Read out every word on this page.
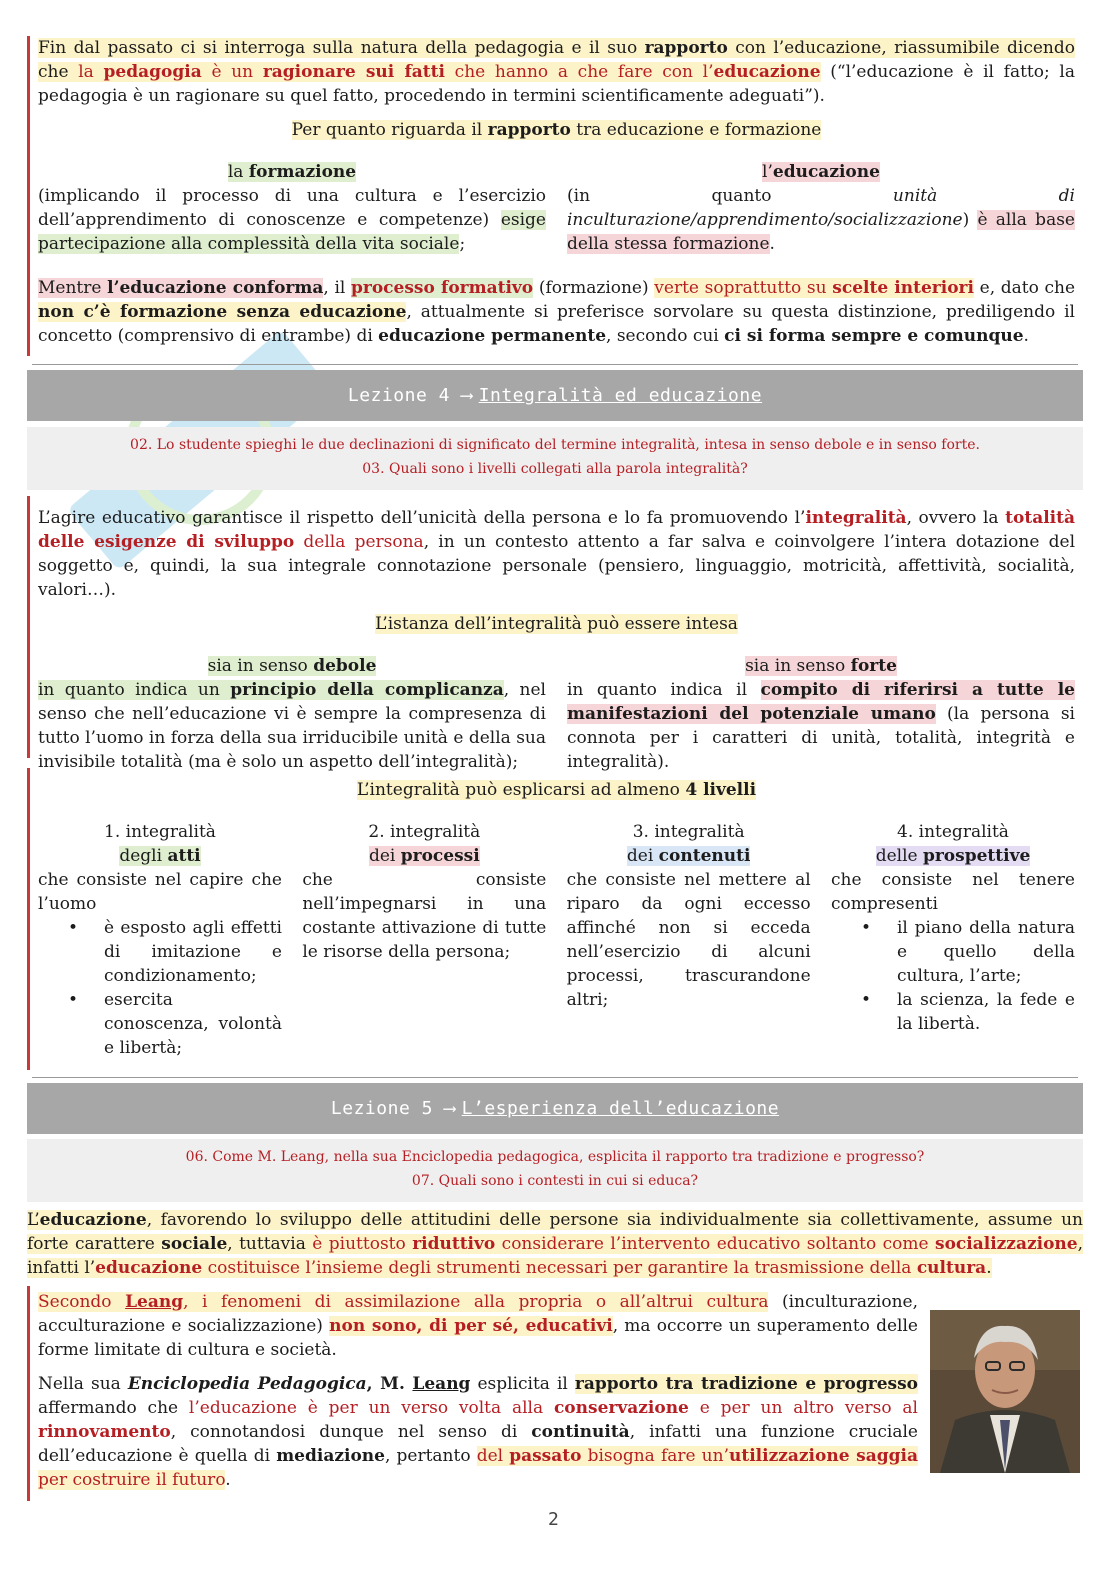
Fin dal passato ci si interroga sulla natura della pedagogia e il suo rapporto con l’educazione, riassumibile dicendo che la pedagogia è un ragionare sui fatti che hanno a che fare con l’educazione (“l’educazione è il fatto; la pedagogia è un ragionare su quel fatto, procedendo in termini scientificamente adeguati”).

Per quanto riguarda il rapporto tra educazione e formazione

la formazione

(implicando il processo di una cultura e l’esercizio dell’apprendimento di conoscenze e competenze) esige partecipazione alla complessità della vita sociale;

l’educazione

(in quanto unità di inculturazione/apprendimento/socializzazione) è alla base della stessa formazione.

Mentre l’educazione conforma, il processo formativo (formazione) verte soprattutto su scelte interiori e, dato che non c’è formazione senza educazione, attualmente si preferisce sorvolare su questa distinzione, prediligendo il concetto (comprensivo di entrambe) di educazione permanente, secondo cui ci si forma sempre e comunque.

Lezione 4 ⟶ Integralità ed educazione
02. Lo studente spieghi le due declinazioni di significato del termine integralità, intesa in senso debole e in senso forte.
03. Quali sono i livelli collegati alla parola integralità?

L’agire educativo garantisce il rispetto dell’unicità della persona e lo fa promuovendo l’integralità, ovvero la totalità delle esigenze di sviluppo della persona, in un contesto attento a far salva e coinvolgere l’intera dotazione del soggetto e, quindi, la sua integrale connotazione personale (pensiero, linguaggio, motricità, affettività, socialità, valori…).

L’istanza dell’integralità può essere intesa

sia in senso debole

in quanto indica un principio della complicanza, nel senso che nell’educazione vi è sempre la compresenza di tutto l’uomo in forza della sua irriducibile unità e della sua invisibile totalità (ma è solo un aspetto dell’integralità);

sia in senso forte

in quanto indica il compito di riferirsi a tutte le manifestazioni del potenziale umano (la persona si connota per i caratteri di unità, totalità, integrità e integralità).

L’integralità può esplicarsi ad almeno 4 livelli

1. integralità

degli atti

che consiste nel capire che l’uomo

• è esposto agli effetti di imitazione e condizionamento;
• esercita conoscenza, volontà e libertà;

2. integralità

dei processi

che consiste nell’impegnarsi in una costante attivazione di tutte le risorse della persona;

3. integralità

dei contenuti

che consiste nel mettere al riparo da ogni eccesso affinché non si ecceda nell’esercizio di alcuni processi, trascurandone altri;

4. integralità

delle prospettive

che consiste nel tenere compresenti

• il piano della natura e quello della cultura, l’arte;
• la scienza, la fede e la libertà.
Lezione 5 ⟶ L’esperienza dell’educazione
06. Come M. Leang, nella sua Enciclopedia pedagogica, esplicita il rapporto tra tradizione e progresso?
07. Quali sono i contesti in cui si educa?

L’educazione, favorendo lo sviluppo delle attitudini delle persone sia individualmente sia collettivamente, assume un forte carattere sociale, tuttavia è piuttosto riduttivo considerare l’intervento educativo soltanto come socializzazione, infatti l’educazione costituisce l’insieme degli strumenti necessari per garantire la trasmissione della cultura.

Secondo Leang, i fenomeni di assimilazione alla propria o all’altrui cultura (inculturazione, acculturazione e socializzazione) non sono, di per sé, educativi, ma occorre un superamento delle forme limitate di cultura e società.

Nella sua Enciclopedia Pedagogica, M. Leang esplicita il rapporto tra tradizione e progresso affermando che l’educazione è per un verso volta alla conservazione e per un altro verso al rinnovamento, connotandosi dunque nel senso di continuità, infatti una funzione cruciale dell’educazione è quella di mediazione, pertanto del passato bisogna fare un’utilizzazione saggia per costruire il futuro.

2
